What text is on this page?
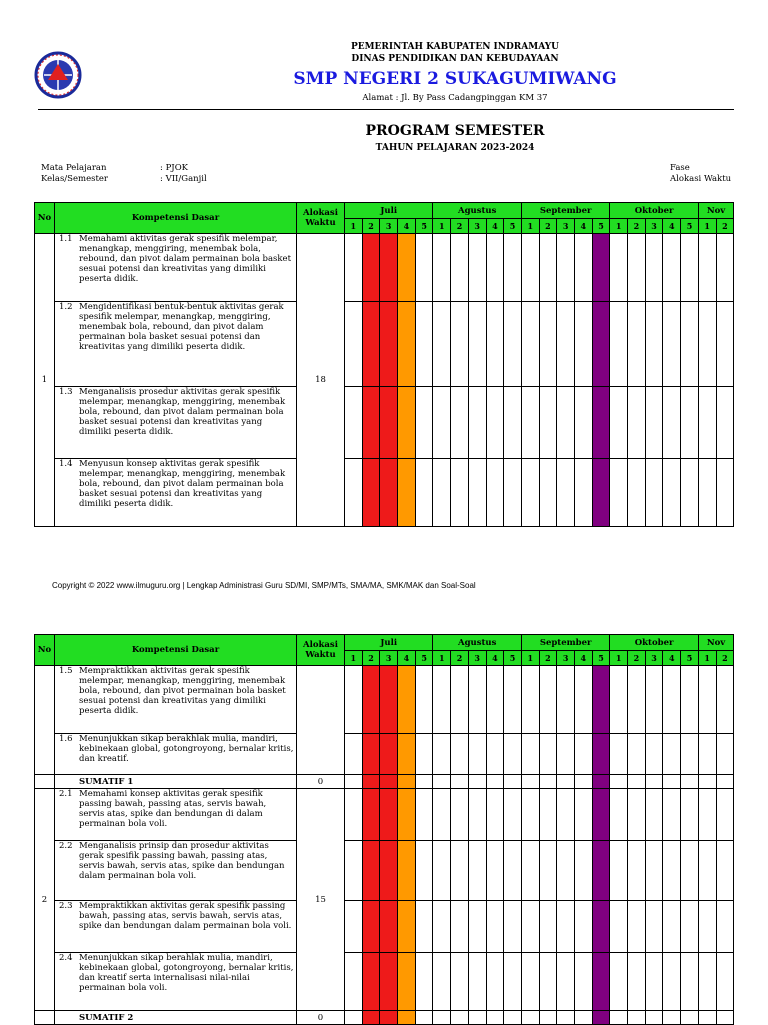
PEMERINTAH KABUPATEN INDRAMAYU
DINAS PENDIDIKAN DAN KEBUDAYAAN
SMP NEGERI 2 SUKAGUMIWANG
Alamat : Jl. By Pass Cadangpinggan KM 37
PROGRAM SEMESTER
TAHUN PELAJARAN 2023-2024
Mata Pelajaran	: PJOK
Kelas/Semester	: VII/Ganjil
Fase
Alokasi Waktu
No	Kompetensi Dasar	Alokasi Waktu	Juli					Agustus					September					Oktober					Nov	
			1	2	3	4	5	1	2	3	4	5	1	2	3	4	5	1	2	3	4	5	1	2
1	1.1 Memahami aktivitas gerak spesifik melempar, menangkap, menggiring, menembak bola, rebound, dan pivot dalam permainan bola basket sesuai potensi dan kreativitas yang dimiliki peserta didik.	18																						

	1.2 Mengidentifikasi bentuk-bentuk aktivitas gerak spesifik melempar, menangkap, menggiring, menembak bola, rebound, dan pivot dalam permainan bola basket sesuai potensi dan kreativitas yang dimiliki peserta didik.																							

	1.3 Menganalisis prosedur aktivitas gerak spesifik melempar, menangkap, menggiring, menembak bola, rebound, dan pivot dalam permainan bola basket sesuai potensi dan kreativitas yang dimiliki peserta didik.																							

	1.4 Menyusun konsep aktivitas gerak spesifik melempar, menangkap, menggiring, menembak bola, rebound, dan pivot dalam permainan bola basket sesuai potensi dan kreativitas yang dimiliki peserta didik.																							

Copyright © 2022 www.ilmuguru.org | Lengkap Administrasi Guru SD/MI, SMP/MTs, SMA/MA, SMK/MAK dan Soal-Soal
No	Kompetensi Dasar	Alokasi Waktu	Juli					Agustus					September					Oktober					Nov	
			1	2	3	4	5	1	2	3	4	5	1	2	3	4	5	1	2	3	4	5	1	2

	1.5 Mempraktikkan aktivitas gerak spesifik melempar, menangkap, menggiring, menembak bola, rebound, dan pivot permainan bola basket sesuai potensi dan kreativitas yang dimiliki peserta didik.																							

	1.6 Menunjukkan sikap berakhlak mulia, mandiri, kebinekaan global, gotongroyong, bernalar kritis, dan kreatif.																							

	SUMATIF 1	0																						
2	2.1 Memahami konsep aktivitas gerak spesifik passing bawah, passing atas, servis bawah, servis atas, spike dan bendungan di dalam permainan bola voli.	15																						

	2.2 Menganalisis prinsip dan prosedur aktivitas gerak spesifik passing bawah, passing atas, servis bawah, servis atas, spike dan bendungan dalam permainan bola voli.																							

	2.3 Mempraktikkan aktivitas gerak spesifik passing bawah, passing atas, servis bawah, servis atas, spike dan bendungan dalam permainan bola voli.																							

	2.4 Menunjukkan sikap berahlak mulia, mandiri, kebinekaan global, gotongroyong, bernalar kritis, dan kreatif serta internalisasi nilai-nilai permainan bola voli.																							

	SUMATIF 2	0																						
